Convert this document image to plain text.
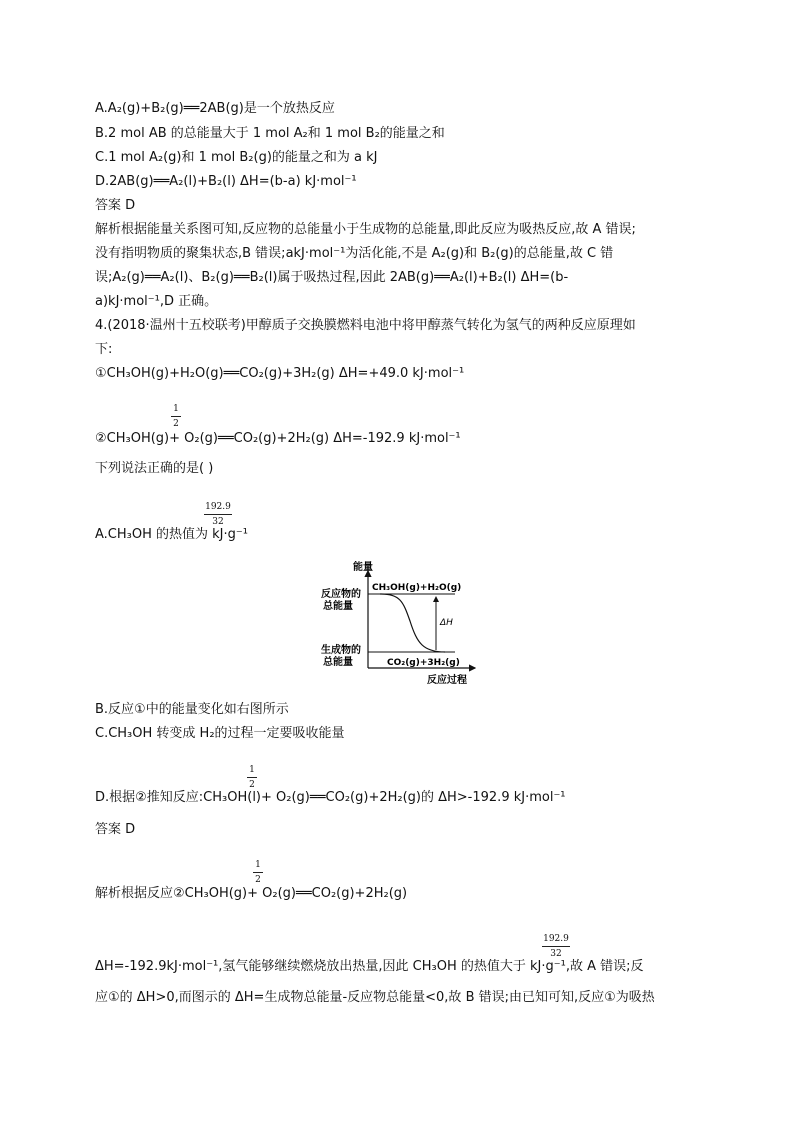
A.A₂(g)+B₂(g)══2AB(g)是一个放热反应
B.2 mol AB 的总能量大于 1 mol A₂和 1 mol B₂的能量之和
C.1 mol A₂(g)和 1 mol B₂(g)的能量之和为 a kJ
D.2AB(g)══A₂(l)+B₂(l) ΔH=(b-a) kJ·mol⁻¹
答案 D
解析根据能量关系图可知,反应物的总能量小于生成物的总能量,即此反应为吸热反应,故 A 错误;
没有指明物质的聚集状态,B 错误;akJ·mol⁻¹为活化能,不是 A₂(g)和 B₂(g)的总能量,故 C 错
误;A₂(g)══A₂(l)、B₂(g)══B₂(l)属于吸热过程,因此 2AB(g)══A₂(l)+B₂(l) ΔH=(b-
a)kJ·mol⁻¹,D 正确。
4.(2018·温州十五校联考)甲醇质子交换膜燃料电池中将甲醇蒸气转化为氢气的两种反应原理如
下:
①CH₃OH(g)+H₂O(g)══CO₂(g)+3H₂(g) ΔH=+49.0 kJ·mol⁻¹
1
2
②CH₃OH(g)+ O₂(g)══CO₂(g)+2H₂(g) ΔH=-192.9 kJ·mol⁻¹
下列说法正确的是( )
192.9
32
A.CH₃OH 的热值为 kJ·g⁻¹
能量
反应过程
ΔH
CH₃OH(g)+H₂O(g)
CO₂(g)+3H₂(g)
反应物的
总能量
生成物的
总能量
B.反应①中的能量变化如右图所示
C.CH₃OH 转变成 H₂的过程一定要吸收能量
1
2
D.根据②推知反应:CH₃OH(l)+ O₂(g)══CO₂(g)+2H₂(g)的 ΔH>-192.9 kJ·mol⁻¹
答案 D
1
2
解析根据反应②CH₃OH(g)+ O₂(g)══CO₂(g)+2H₂(g)
192.9
32
ΔH=-192.9kJ·mol⁻¹,氢气能够继续燃烧放出热量,因此 CH₃OH 的热值大于 kJ·g⁻¹,故 A 错误;反
应①的 ΔH>0,而图示的 ΔH=生成物总能量-反应物总能量<0,故 B 错误;由已知可知,反应①为吸热
